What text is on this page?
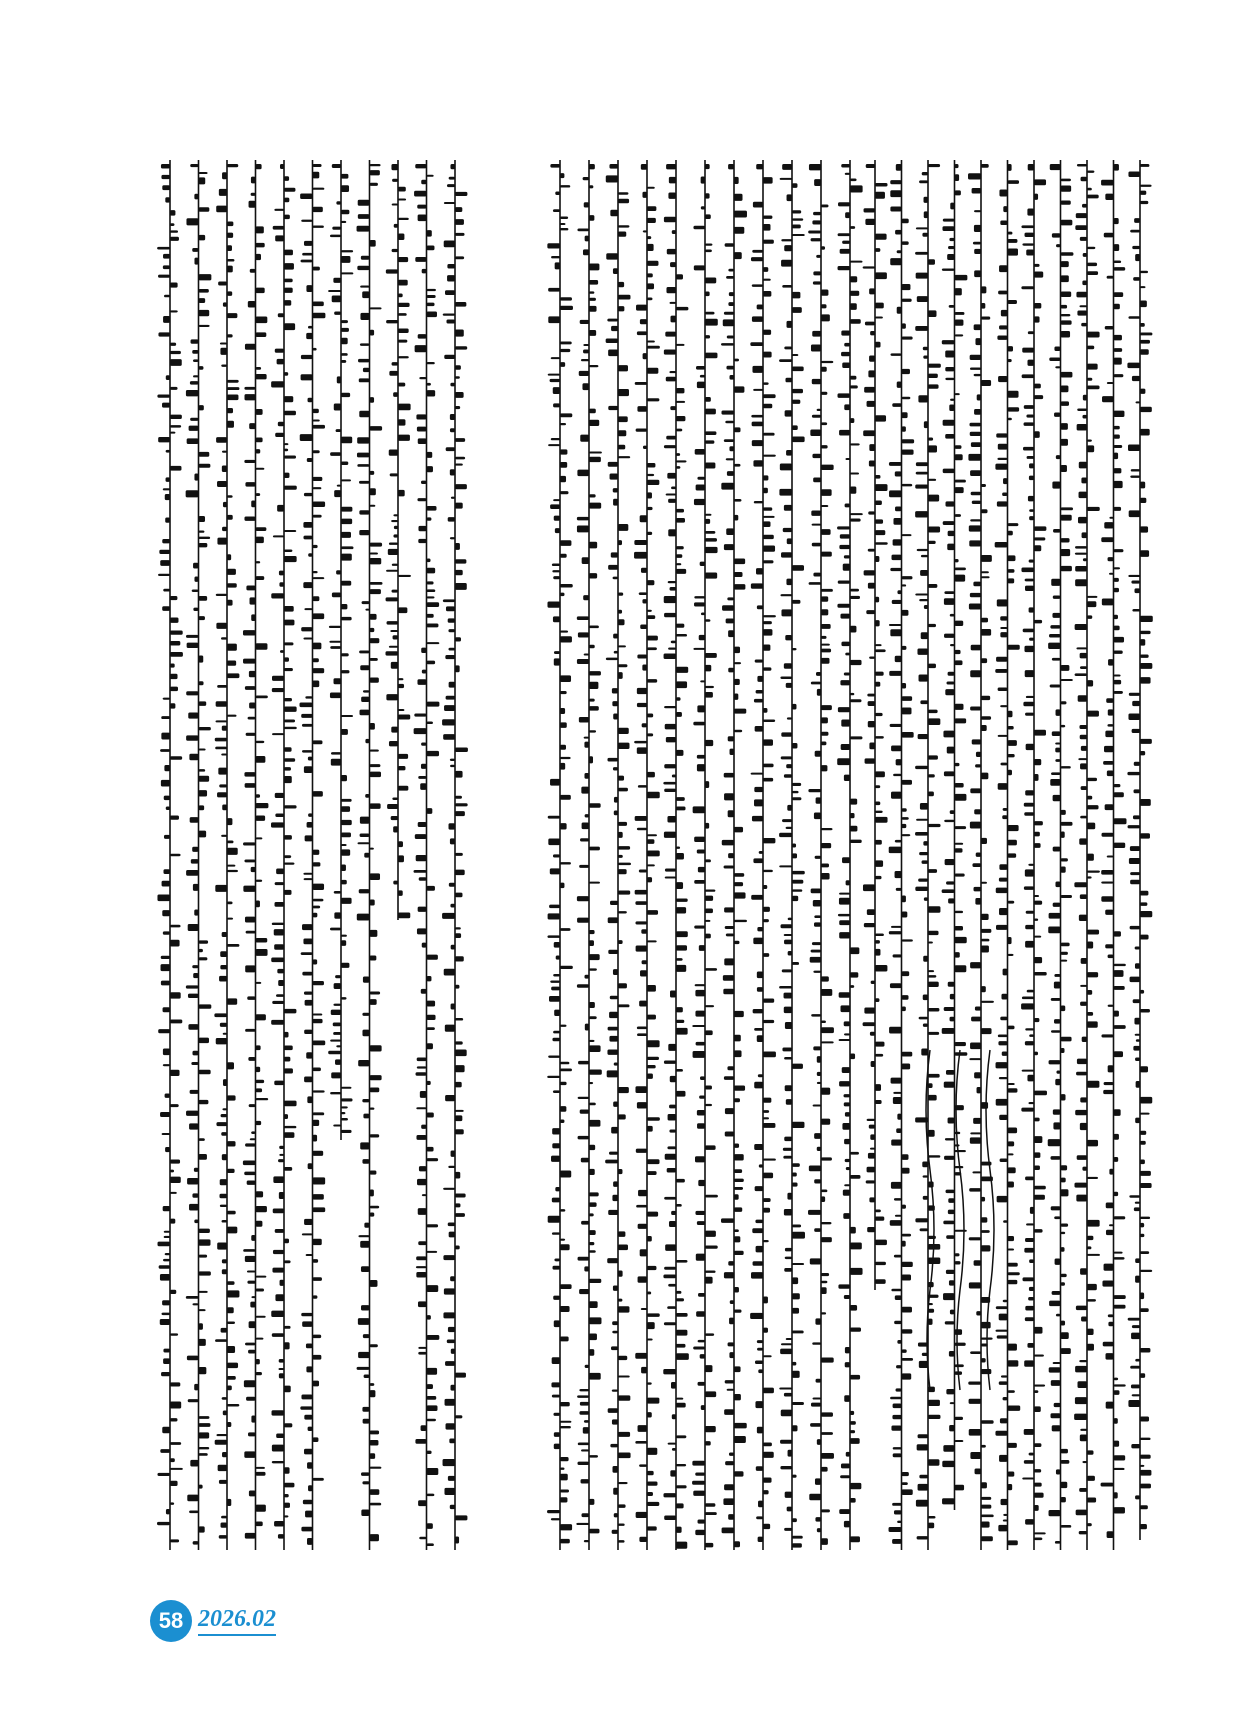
58 2026.02
